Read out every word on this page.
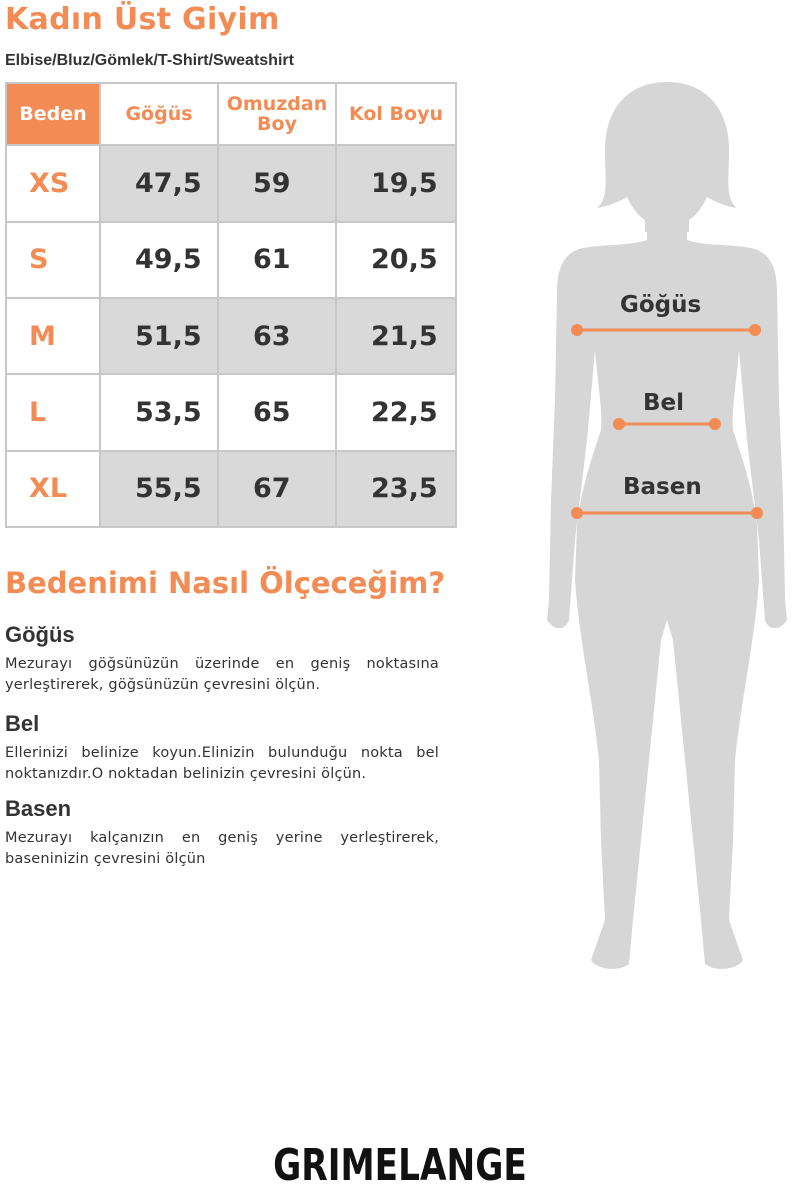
Kadın Üst Giyim
Elbise/Bluz/Gömlek/T-Shirt/Sweatshirt
Beden	Göğüs	Omuzdan Boy	Kol Boyu
XS	47,5	59	19,5
S	49,5	61	20,5
M	51,5	63	21,5
L	53,5	65	22,5
XL	55,5	67	23,5
Bedenimi Nasıl Ölçeceğim?
Göğüs
Mezurayı göğsünüzün üzerinde en geniş noktasına yerleştirerek, göğsünüzün çevresini ölçün.
Bel
Ellerinizi belinize koyun.Elinizin bulunduğu nokta bel noktanızdır.O noktadan belinizin çevresini ölçün.
Basen
Mezurayı kalçanızın en geniş yerine yerleştirerek, baseninizin çevresini ölçün
Göğüs
Bel
Basen
GRIMELANGE
